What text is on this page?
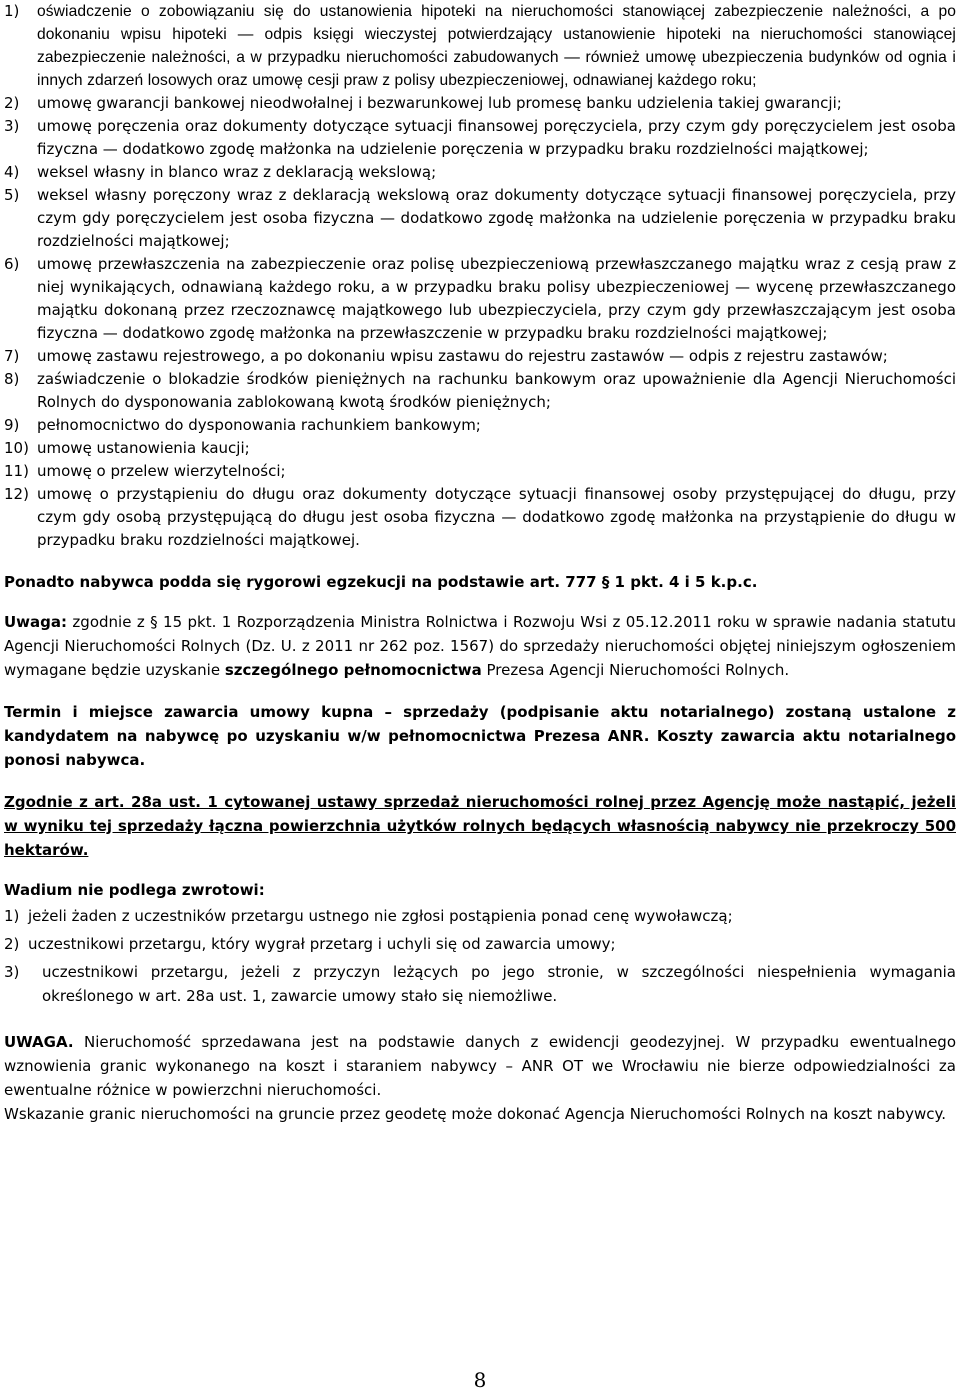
1)	oświadczenie o zobowiązaniu się do ustanowienia hipoteki na nieruchomości stanowiącej zabezpieczenie należności, a po dokonaniu wpisu hipoteki — odpis księgi wieczystej potwierdzający ustanowienie hipoteki na nieruchomości stanowiącej zabezpieczenie należności, a w przypadku nieruchomości zabudowanych — również umowę ubezpieczenia budynków od ognia i innych zdarzeń losowych oraz umowę cesji praw z polisy ubezpieczeniowej, odnawianej każdego roku;
2)	umowę gwarancji bankowej nieodwołalnej i bezwarunkowej lub promesę banku udzielenia takiej gwarancji;
3)	umowę poręczenia oraz dokumenty dotyczące sytuacji finansowej poręczyciela, przy czym gdy poręczycielem jest osoba fizyczna — dodatkowo zgodę małżonka na udzielenie poręczenia w przypadku braku rozdzielności majątkowej;
4)	weksel własny in blanco wraz z deklaracją wekslową;
5)	weksel własny poręczony wraz z deklaracją wekslową oraz dokumenty dotyczące sytuacji finansowej poręczyciela, przy czym gdy poręczycielem jest osoba fizyczna — dodatkowo zgodę małżonka na udzielenie poręczenia w przypadku braku rozdzielności majątkowej;
6)	umowę przewłaszczenia na zabezpieczenie oraz polisę ubezpieczeniową przewłaszczanego majątku wraz z cesją praw z niej wynikających, odnawianą każdego roku, a w przypadku braku polisy ubezpieczeniowej — wycenę przewłaszczanego majątku dokonaną przez rzeczoznawcę majątkowego lub ubezpieczyciela, przy czym gdy przewłaszczającym jest osoba fizyczna — dodatkowo zgodę małżonka na przewłaszczenie w przypadku braku rozdzielności majątkowej;
7)	umowę zastawu rejestrowego, a po dokonaniu wpisu zastawu do rejestru zastawów — odpis z rejestru zastawów;
8)	zaświadczenie o blokadzie środków pieniężnych na rachunku bankowym oraz upoważnienie dla Agencji Nieruchomości Rolnych do dysponowania zablokowaną kwotą środków pieniężnych;
9)	pełnomocnictwo do dysponowania rachunkiem bankowym;
10) umowę ustanowienia kaucji;
11) umowę o przelew wierzytelności;
12) umowę o przystąpieniu do długu oraz dokumenty dotyczące sytuacji finansowej osoby przystępującej do długu, przy czym gdy osobą przystępującą do długu jest osoba fizyczna — dodatkowo zgodę małżonka na przystąpienie do długu w przypadku braku rozdzielności majątkowej.

Ponadto nabywca podda się rygorowi egzekucji na podstawie art. 777 § 1 pkt. 4 i 5 k.p.c.

Uwaga: zgodnie z § 15 pkt. 1 Rozporządzenia Ministra Rolnictwa i Rozwoju Wsi z 05.12.2011 roku w sprawie nadania statutu Agencji Nieruchomości Rolnych (Dz. U. z 2011 nr 262 poz. 1567) do sprzedaży nieruchomości objętej niniejszym ogłoszeniem wymagane będzie uzyskanie szczególnego pełnomocnictwa Prezesa Agencji Nieruchomości Rolnych.

Termin i miejsce zawarcia umowy kupna – sprzedaży (podpisanie aktu notarialnego) zostaną ustalone z kandydatem na nabywcę po uzyskaniu w/w pełnomocnictwa Prezesa ANR. Koszty zawarcia aktu notarialnego ponosi nabywca.

Zgodnie z art. 28a ust. 1 cytowanej ustawy sprzedaż nieruchomości rolnej przez Agencję może nastąpić, jeżeli w wyniku tej sprzedaży łączna powierzchnia użytków rolnych będących własnością nabywcy nie przekroczy 500 hektarów.

Wadium nie podlega zwrotowi:

1) jeżeli żaden z uczestników przetargu ustnego nie zgłosi postąpienia ponad cenę wywoławczą;
2) uczestnikowi przetargu, który wygrał przetarg i uchyli się od zawarcia umowy;
3) uczestnikowi przetargu, jeżeli z przyczyn leżących po jego stronie, w szczególności niespełnienia wymagania określonego w art. 28a ust. 1, zawarcie umowy stało się niemożliwe.

UWAGA. Nieruchomość sprzedawana jest na podstawie danych z ewidencji geodezyjnej. W przypadku ewentualnego wznowienia granic wykonanego na koszt i staraniem nabywcy – ANR OT we Wrocławiu nie bierze odpowiedzialności za ewentualne różnice w powierzchni nieruchomości.

Wskazanie granic nieruchomości na gruncie przez geodetę może dokonać Agencja Nieruchomości Rolnych na koszt nabywcy.

8
